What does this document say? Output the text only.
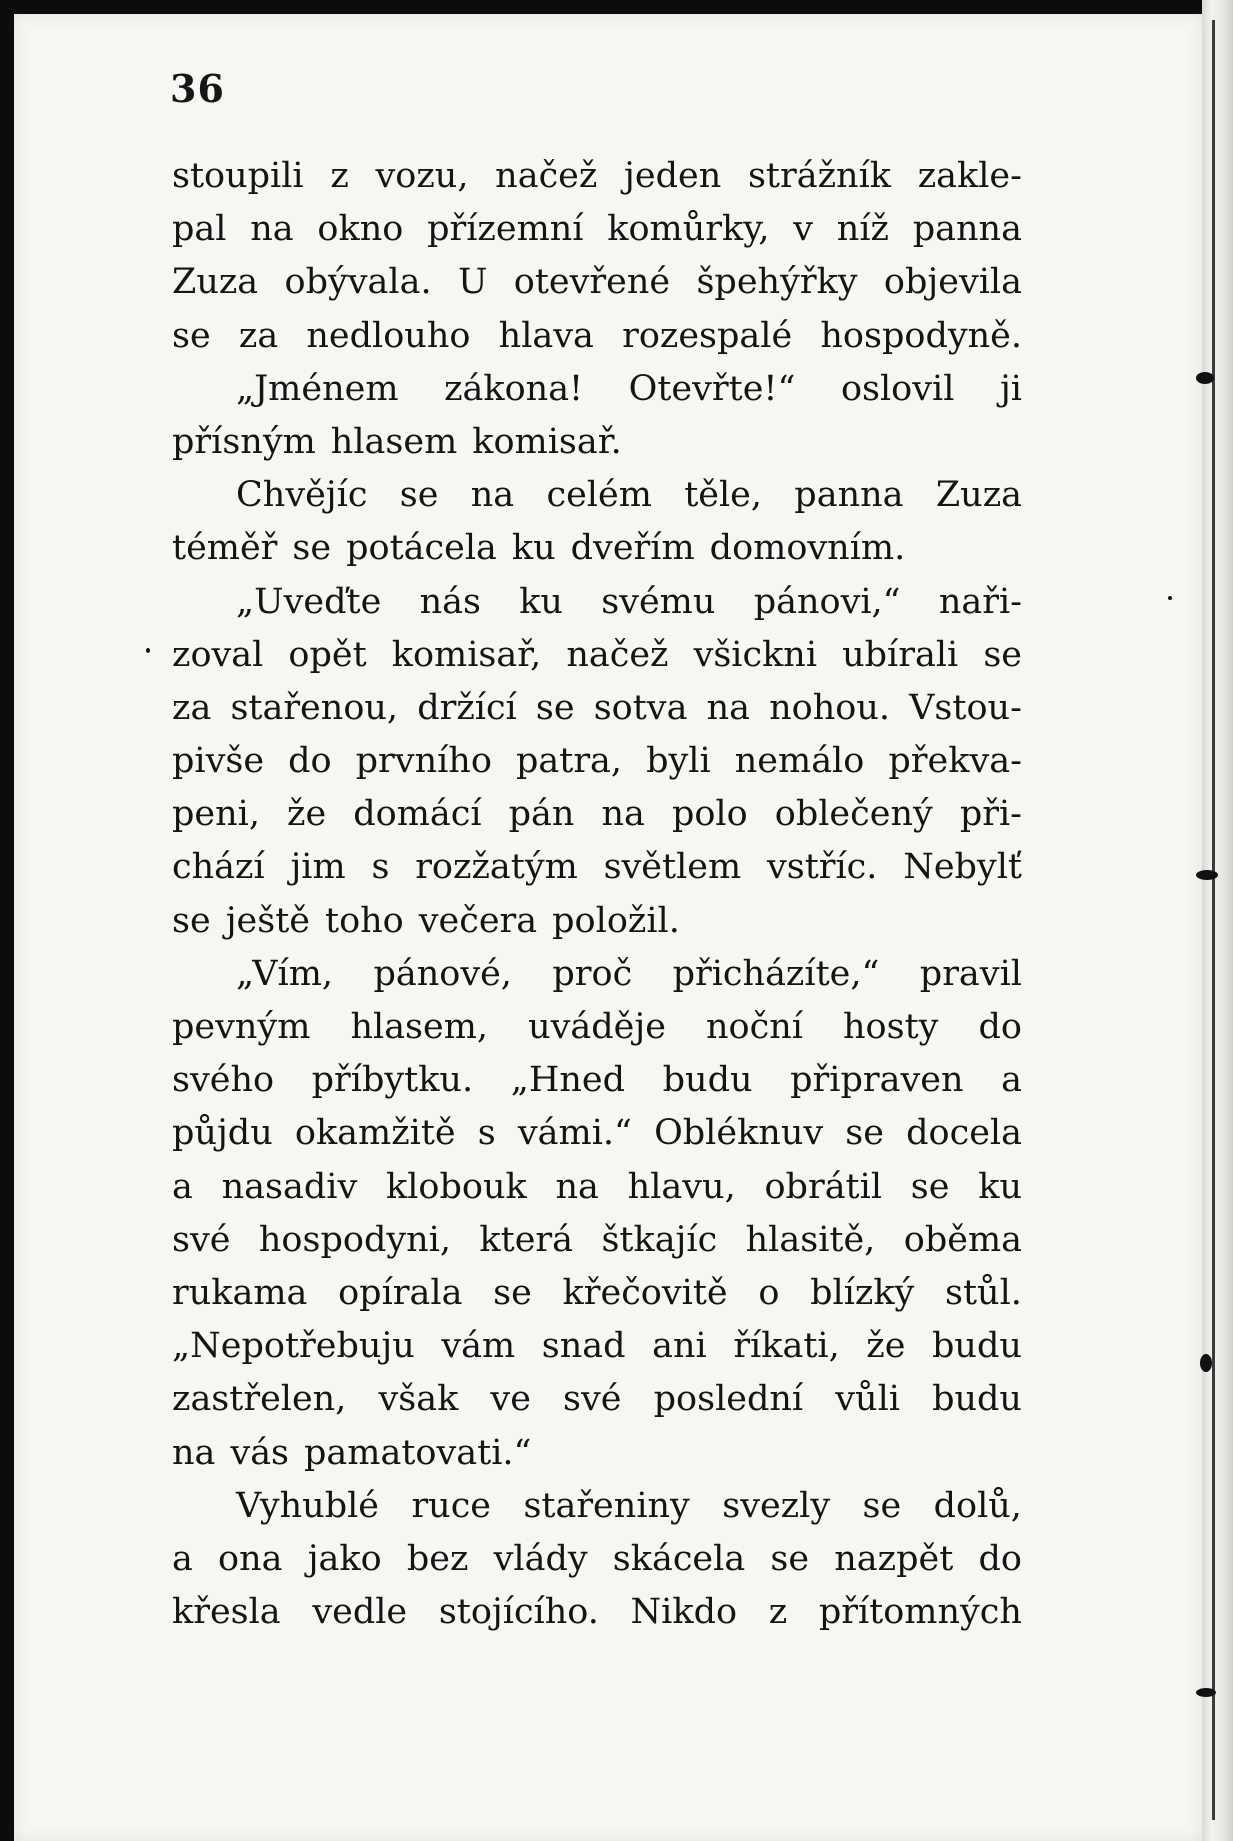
36
stoupili z vozu, načež jeden strážník zakle-
pal na okno přízemní komůrky, v níž panna
Zuza obývala. U otevřené špehýřky objevila
se za nedlouho hlava rozespalé hospodyně.
„Jménem zákona! Otevřte!“ oslovil ji
přísným hlasem komisař.
Chvějíc se na celém těle, panna Zuza
téměř se potácela ku dveřím domovním.
„Uveďte nás ku svému pánovi,“ naři-
zoval opět komisař, načež všickni ubírali se
za stařenou, držící se sotva na nohou. Vstou-
pivše do prvního patra, byli nemálo překva-
peni, že domácí pán na polo oblečený při-
chází jim s rozžatým světlem vstříc. Nebylť
se ještě toho večera položil.
„Vím, pánové, proč přicházíte,“ pravil
pevným hlasem, uváděje noční hosty do
svého příbytku. „Hned budu připraven a
půjdu okamžitě s vámi.“ Obléknuv se docela
a nasadiv klobouk na hlavu, obrátil se ku
své hospodyni, která štkajíc hlasitě, oběma
rukama opírala se křečovitě o blízký stůl.
„Nepotřebuju vám snad ani říkati, že budu
zastřelen, však ve své poslední vůli budu
na vás pamatovati.“
Vyhublé ruce stařeniny svezly se dolů,
a ona jako bez vlády skácela se nazpět do
křesla vedle stojícího. Nikdo z přítomných
